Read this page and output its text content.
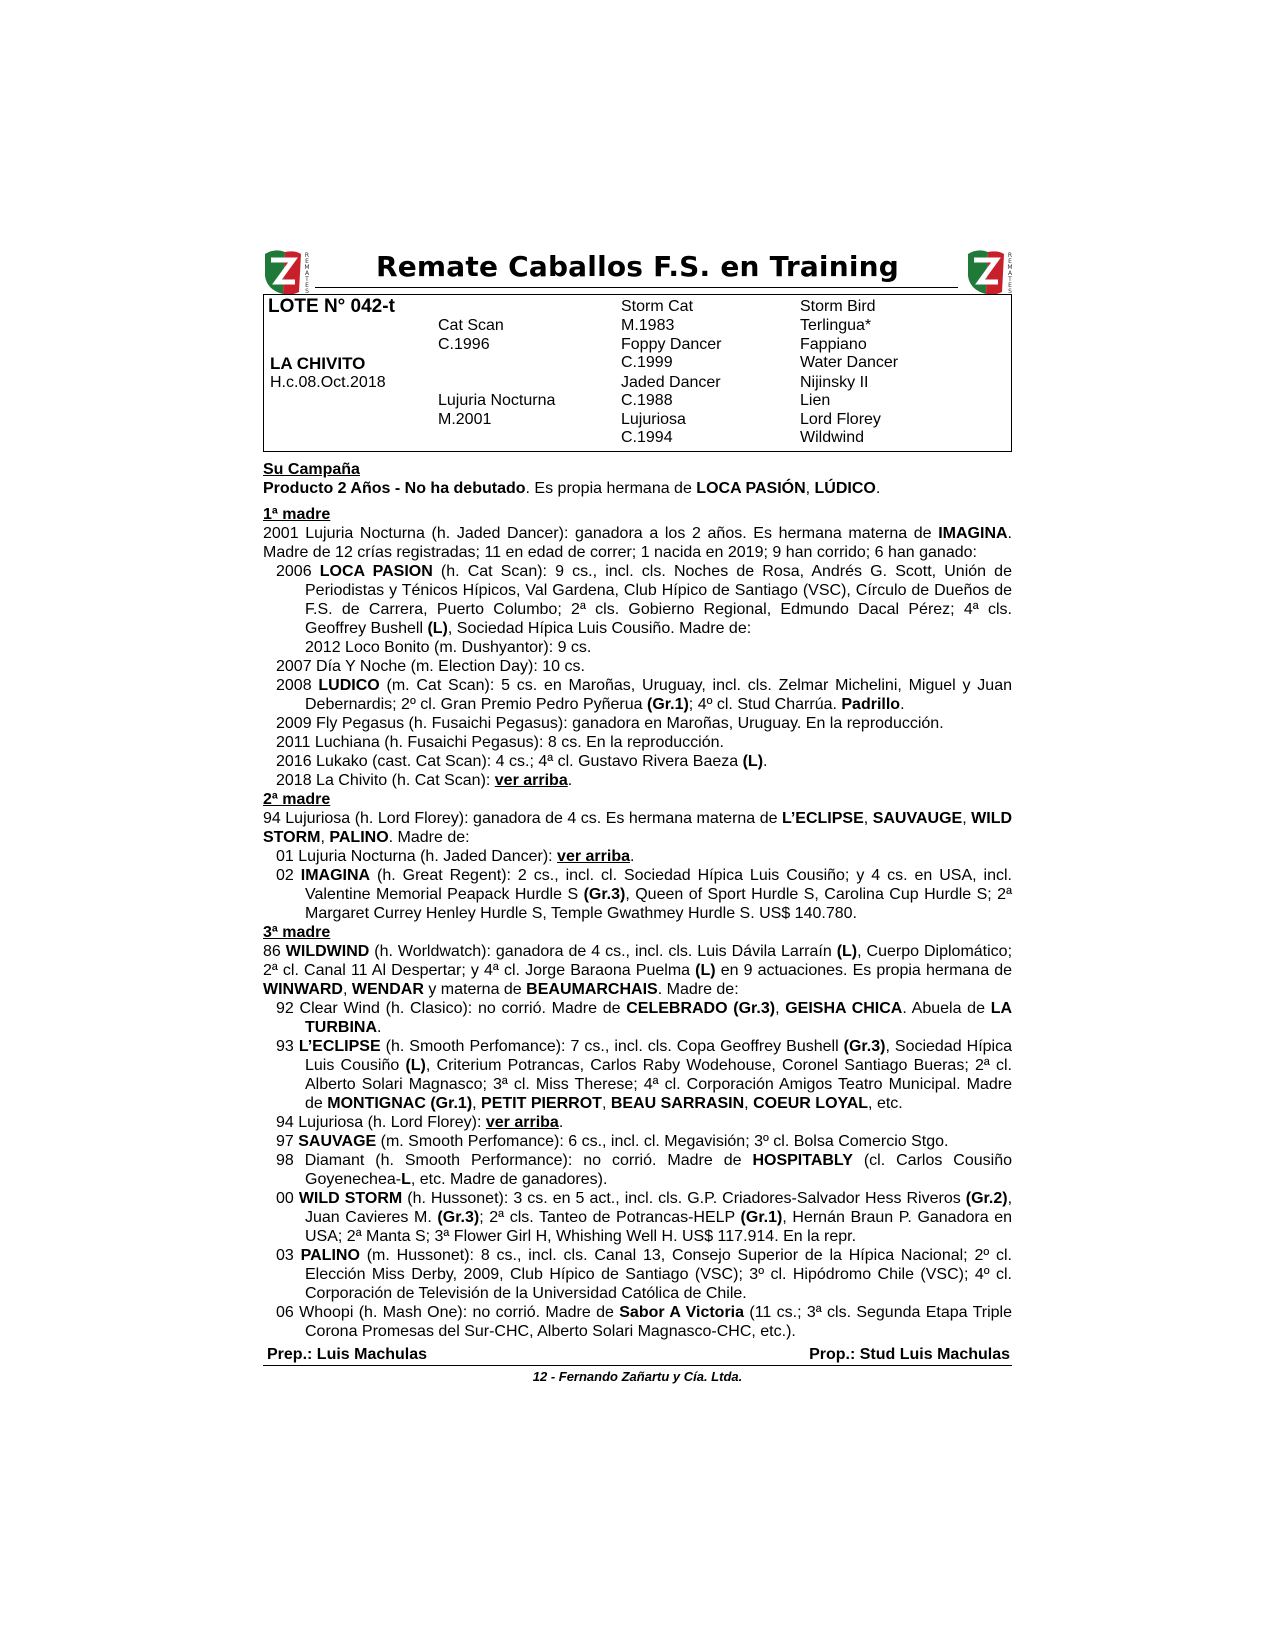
R
E
M
A
T
E
S
Remate Caballos F.S. en Training	R
E
M
A
T
E
S
LOTE N° 042-t
LA CHIVITO
H.c.08.Oct.2018
Cat Scan
C.1996
Lujuria Nocturna
M.2001
Storm Cat
M.1983
Foppy Dancer
C.1999
Jaded Dancer
C.1988
Lujuriosa
C.1994
Storm Bird
Terlingua*
Fappiano
Water Dancer
Nijinsky II
Lien
Lord Florey
Wildwind
Su Campaña
Producto 2 Años - No ha debutado. Es propia hermana de LOCA PASIÓN, LÚDICO.
1ª madre
2001 Lujuria Nocturna (h. Jaded Dancer): ganadora a los 2 años. Es hermana materna de IMAGINA. Madre de 12 crías registradas; 11 en edad de correr; 1 nacida en 2019; 9 han corrido; 6 han ganado:
2006 LOCA PASION (h. Cat Scan): 9 cs., incl. cls. Noches de Rosa, Andrés G. Scott, Unión de Periodistas y Ténicos Hípicos, Val Gardena, Club Hípico de Santiago (VSC), Círculo de Dueños de F.S. de Carrera, Puerto Columbo; 2ª cls. Gobierno Regional, Edmundo Dacal Pérez; 4ª cls. Geoffrey Bushell (L), Sociedad Hípica Luis Cousiño. Madre de:
2012 Loco Bonito (m. Dushyantor): 9 cs.
2007 Día Y Noche (m. Election Day): 10 cs.
2008 LUDICO (m. Cat Scan): 5 cs. en Maroñas, Uruguay, incl. cls. Zelmar Michelini, Miguel y Juan Debernardis; 2º cl. Gran Premio Pedro Pyñerua (Gr.1); 4º cl. Stud Charrúa. Padrillo.
2009 Fly Pegasus (h. Fusaichi Pegasus): ganadora en Maroñas, Uruguay. En la reproducción.
2011 Luchiana (h. Fusaichi Pegasus): 8 cs. En la reproducción.
2016 Lukako (cast. Cat Scan): 4 cs.; 4ª cl. Gustavo Rivera Baeza (L).
2018 La Chivito (h. Cat Scan): ver arriba.
2ª madre
94 Lujuriosa (h. Lord Florey): ganadora de 4 cs. Es hermana materna de L’ECLIPSE, SAUVAUGE, WILD STORM, PALINO. Madre de:
01 Lujuria Nocturna (h. Jaded Dancer): ver arriba.
02 IMAGINA (h. Great Regent): 2 cs., incl. cl. Sociedad Hípica Luis Cousiño; y 4 cs. en USA, incl. Valentine Memorial Peapack Hurdle S (Gr.3), Queen of Sport Hurdle S, Carolina Cup Hurdle S; 2ª Margaret Currey Henley Hurdle S, Temple Gwathmey Hurdle S. US$ 140.780.
3ª madre
86 WILDWIND (h. Worldwatch): ganadora de 4 cs., incl. cls. Luis Dávila Larraín (L), Cuerpo Diplomático; 2ª cl. Canal 11 Al Despertar; y 4ª cl. Jorge Baraona Puelma (L) en 9 actuaciones. Es propia hermana de WINWARD, WENDAR y materna de BEAUMARCHAIS. Madre de:
92 Clear Wind (h. Clasico): no corrió. Madre de CELEBRADO (Gr.3), GEISHA CHICA. Abuela de LA TURBINA.
93 L’ECLIPSE (h. Smooth Perfomance): 7 cs., incl. cls. Copa Geoffrey Bushell (Gr.3), Sociedad Hípica Luis Cousiño (L), Criterium Potrancas, Carlos Raby Wodehouse, Coronel Santiago Bueras; 2ª cl. Alberto Solari Magnasco; 3ª cl. Miss Therese; 4ª cl. Corporación Amigos Teatro Municipal. Madre de MONTIGNAC (Gr.1), PETIT PIERROT, BEAU SARRASIN, COEUR LOYAL, etc.
94 Lujuriosa (h. Lord Florey): ver arriba.
97 SAUVAGE (m. Smooth Perfomance): 6 cs., incl. cl. Megavisión; 3º cl. Bolsa Comercio Stgo.
98 Diamant (h. Smooth Performance): no corrió. Madre de HOSPITABLY (cl. Carlos Cousiño Goyenechea-L, etc. Madre de ganadores).
00 WILD STORM (h. Hussonet): 3 cs. en 5 act., incl. cls. G.P. Criadores-Salvador Hess Riveros (Gr.2), Juan Cavieres M. (Gr.3); 2ª cls. Tanteo de Potrancas-HELP (Gr.1), Hernán Braun P. Ganadora en USA; 2ª Manta S; 3ª Flower Girl H, Whishing Well H. US$ 117.914. En la repr.
03 PALINO (m. Hussonet): 8 cs., incl. cls. Canal 13, Consejo Superior de la Hípica Nacional; 2º cl. Elección Miss Derby, 2009, Club Hípico de Santiago (VSC); 3º cl. Hipódromo Chile (VSC); 4º cl. Corporación de Televisión de la Universidad Católica de Chile.
06 Whoopi (h. Mash One): no corrió. Madre de Sabor A Victoria (11 cs.; 3ª cls. Segunda Etapa Triple Corona Promesas del Sur-CHC, Alberto Solari Magnasco-CHC, etc.).
Prep.: Luis Machulas	Prop.: Stud Luis Machulas
12 - Fernando Zañartu y Cía. Ltda.
